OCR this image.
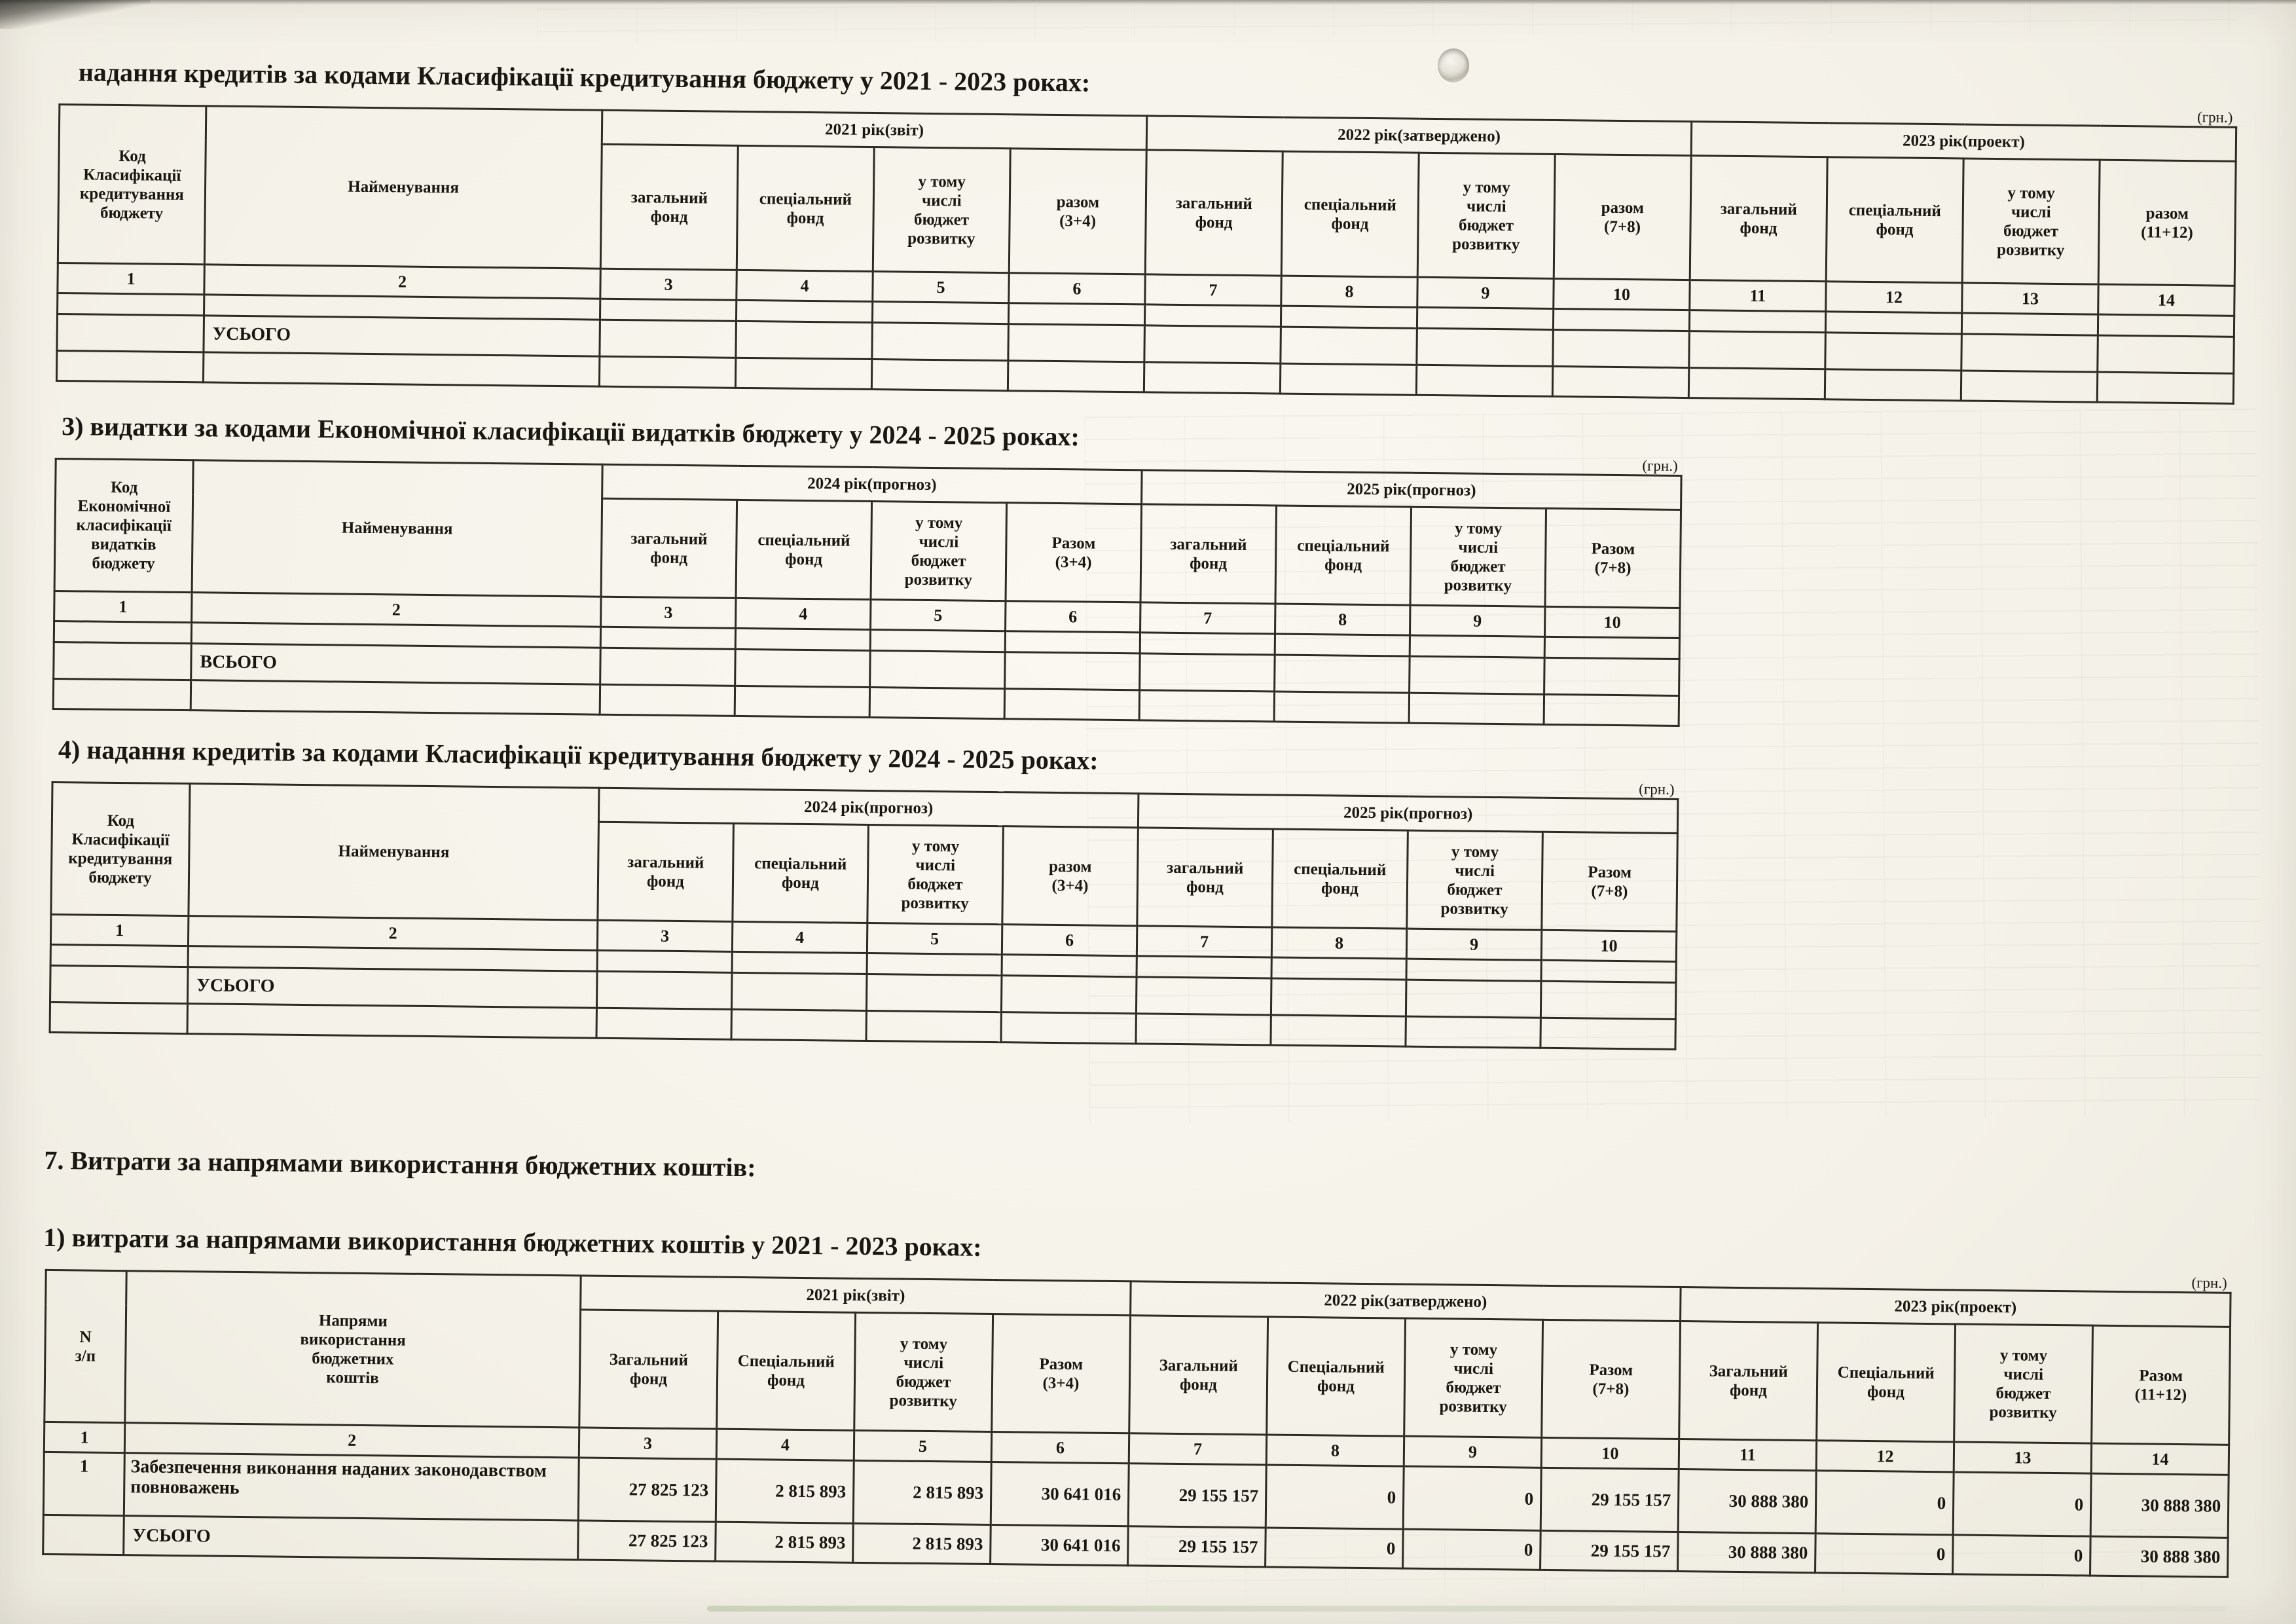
надання кредитів за кодами Класифікації кредитування бюджету у 2021 - 2023 роках:
(грн.)
Код
Класифікації
кредитування
бюджету	Найменування	2021 рік(звіт)				2022 рік(затверджено)				2023 рік(проект)			
		загальний
фонд	спеціальний
фонд	у тому
числі
бюджет
розвитку	разом
(3+4)	загальний
фонд	спеціальний
фонд	у тому
числі
бюджет
розвитку	разом
(7+8)	загальний
фонд	спеціальний
фонд	у тому
числі
бюджет
розвитку	разом
(11+12)
1	2	3	4	5	6	7	8	9	10	11	12	13	14

	УСЬОГО												

3) видатки за кодами Економічної класифікації видатків бюджету у 2024 - 2025 роках:
(грн.)
Код
Економічної
класифікації
видатків
бюджету	Найменування	2024 рік(прогноз)				2025 рік(прогноз)			
		загальний
фонд	спеціальний
фонд	у тому
числі
бюджет
розвитку	Разом
(3+4)	загальний
фонд	спеціальний
фонд	у тому
числі
бюджет
розвитку	Разом
(7+8)
1	2	3	4	5	6	7	8	9	10

	ВСЬОГО								

4) надання кредитів за кодами Класифікації кредитування бюджету у 2024 - 2025 роках:
(грн.)
Код
Класифікації
кредитування
бюджету	Найменування	2024 рік(прогноз)				2025 рік(прогноз)			
		загальний
фонд	спеціальний
фонд	у тому
числі
бюджет
розвитку	разом
(3+4)	загальний
фонд	спеціальний
фонд	у тому
числі
бюджет
розвитку	Разом
(7+8)
1	2	3	4	5	6	7	8	9	10

	УСЬОГО								

7. Витрати за напрямами використання бюджетних коштів:
1) витрати за напрямами використання бюджетних коштів у 2021 - 2023 роках:
(грн.)
N
з/п	Напрями
використання
бюджетних
коштів	2021 рік(звіт)				2022 рік(затверджено)				2023 рік(проект)			
		Загальний
фонд	Спеціальний
фонд	у тому
числі
бюджет
розвитку	Разом
(3+4)	Загальний
фонд	Спеціальний
фонд	у тому
числі
бюджет
розвитку	Разом
(7+8)	Загальний
фонд	Спеціальний
фонд	у тому
числі
бюджет
розвитку	Разом
(11+12)
1	2	3	4	5	6	7	8	9	10	11	12	13	14
1	Забезпечення виконання наданих законодавством повноважень	27 825 123	2 815 893	2 815 893	30 641 016	29 155 157	0	0	29 155 157	30 888 380	0	0	30 888 380
	УСЬОГО	27 825 123	2 815 893	2 815 893	30 641 016	29 155 157	0	0	29 155 157	30 888 380	0	0	30 888 380
